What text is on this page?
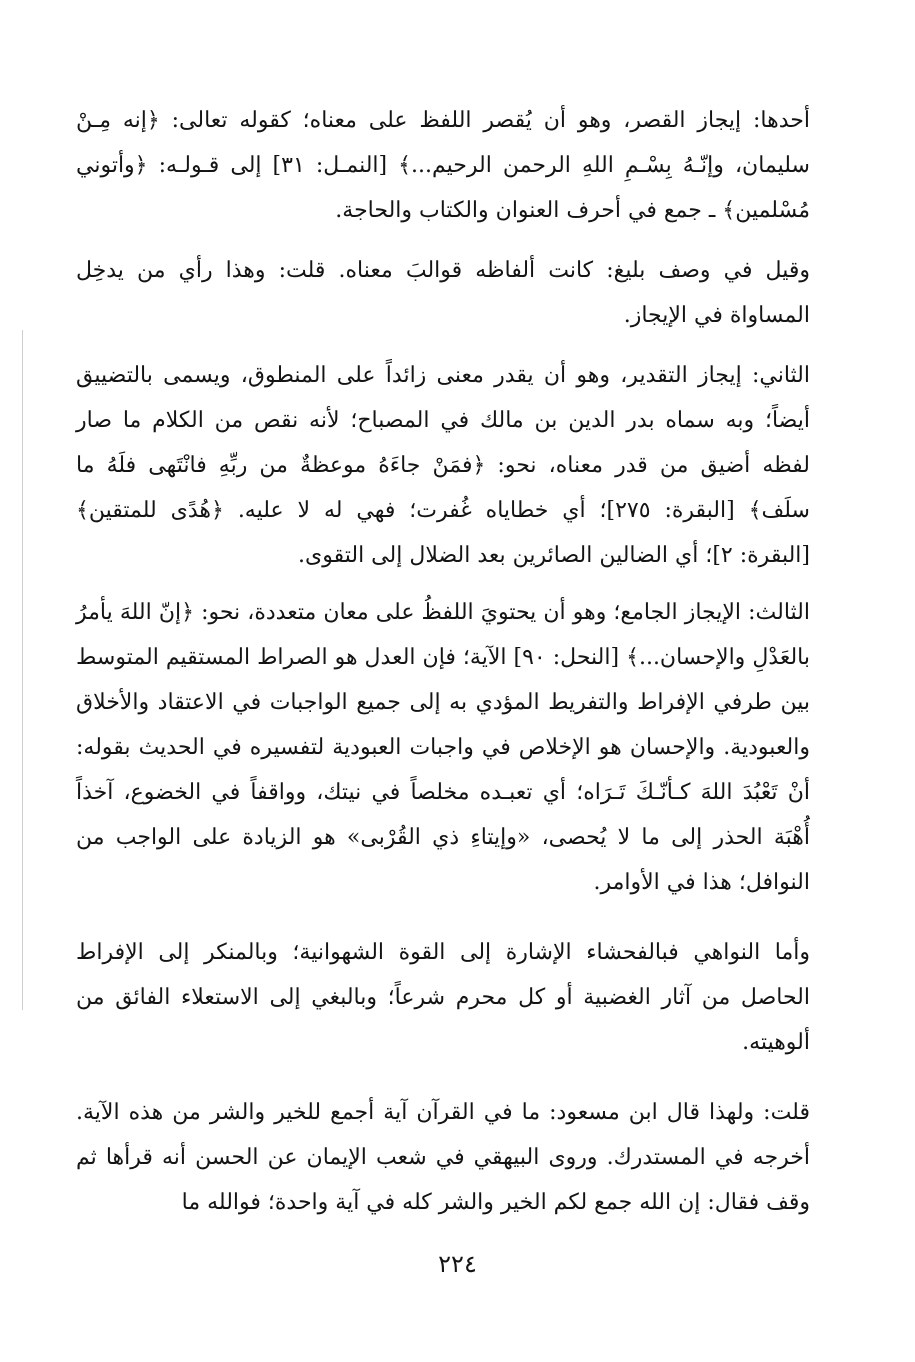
أحدها: إيجاز القصر، وهو أن يُقصر اللفظ على معناه؛ كقوله تعالى: ﴿إنه مِـنْ سليمان، وإنّـهُ بِسْـمِ اللهِ الرحمن الرحيم...﴾ [النمـل: ٣١] إلى قـولـه: ﴿وأتوني مُسْلمين﴾ ـ جمع في أحرف العنوان والكتاب والحاجة.

وقيل في وصف بليغ: كانت ألفاظه قوالبَ معناه. قلت: وهذا رأي من يدخِل المساواة في الإيجاز.

الثاني: إيجاز التقدير، وهو أن يقدر معنى زائداً على المنطوق، ويسمى بالتضييق أيضاً؛ وبه سماه بدر الدين بن مالك في المصباح؛ لأنه نقص من الكلام ما صار لفظه أضيق من قدر معناه، نحو: ﴿فمَنْ جاءَهُ موعظةٌ من ربِّهِ فانْتَهى فلَهُ ما سلَف﴾ [البقرة: ٢٧٥]؛ أي خطاياه غُفرت؛ فهي له لا عليه. ﴿هُدًى للمتقين﴾ [البقرة: ٢]؛ أي الضالين الصائرين بعد الضلال إلى التقوى.

الثالث: الإيجاز الجامع؛ وهو أن يحتويَ اللفظُ على معان متعددة، نحو: ﴿إنّ اللهَ يأمرُ بالعَدْلِ والإحسان...﴾ [النحل: ٩٠] الآية؛ فإن العدل هو الصراط المستقيم المتوسط بين طرفي الإفراط والتفريط المؤدي به إلى جميع الواجبات في الاعتقاد والأخلاق والعبودية. والإحسان هو الإخلاص في واجبات العبودية لتفسيره في الحديث بقوله: أنْ تَعْبُدَ اللهَ كـأنّـكَ تَـرَاه؛ أي تعبـده مخلصاً في نيتك، وواقفاً في الخضوع، آخذاً أُهْبَة الحذر إلى ما لا يُحصى، «وإيتاءِ ذي القُرْبى» هو الزيادة على الواجب من النوافل؛ هذا في الأوامر.

وأما النواهي فبالفحشاء الإشارة إلى القوة الشهوانية؛ وبالمنكر إلى الإفراط الحاصل من آثار الغضبية أو كل محرم شرعاً؛ وبالبغي إلى الاستعلاء الفائق من ألوهيته.

قلت: ولهذا قال ابن مسعود: ما في القرآن آية أجمع للخير والشر من هذه الآية. أخرجه في المستدرك. وروى البيهقي في شعب الإيمان عن الحسن أنه قرأها ثم وقف فقال: إن الله جمع لكم الخير والشر كله في آية واحدة؛ فوالله ما

٢٢٤
